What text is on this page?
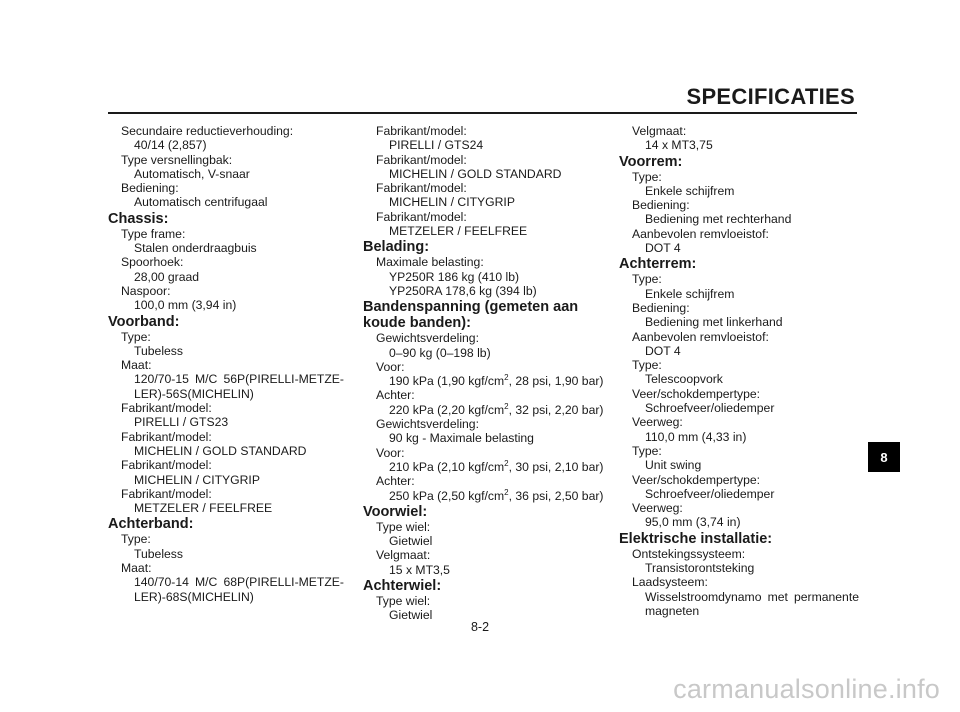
SPECIFICATIES
Secundaire reductieverhouding:
40/14 (2,857)
Type versnellingbak:
Automatisch, V-snaar
Bediening:
Automatisch centrifugaal
Chassis:
Type frame:
Stalen onderdraagbuis
Spoorhoek:
28,00 graad
Naspoor:
100,0 mm (3,94 in)
Voorband:
Type:
Tubeless
Maat:
120/70-15 M/C 56P(PIRELLI-METZE-LER)-56S(MICHELIN)
Fabrikant/model:
PIRELLI / GTS23
Fabrikant/model:
MICHELIN / GOLD STANDARD
Fabrikant/model:
MICHELIN / CITYGRIP
Fabrikant/model:
METZELER / FEELFREE
Achterband:
Type:
Tubeless
Maat:
140/70-14 M/C 68P(PIRELLI-METZE-LER)-68S(MICHELIN)
Fabrikant/model:
PIRELLI / GTS24
Fabrikant/model:
MICHELIN / GOLD STANDARD
Fabrikant/model:
MICHELIN / CITYGRIP
Fabrikant/model:
METZELER / FEELFREE
Belading:
Maximale belasting:
YP250R 186 kg (410 lb)
YP250RA 178,6 kg (394 lb)
Bandenspanning (gemeten aan koude banden):
Gewichtsverdeling:
0–90 kg (0–198 lb)
Voor:
190 kPa (1,90 kgf/$cm^2$, 28 psi, 1,90 bar)
Achter:
220 kPa (2,20 kgf/$cm^2$, 32 psi, 2,20 bar)
Gewichtsverdeling:
90 kg - Maximale belasting
Voor:
210 kPa (2,10 kgf/$cm^2$, 30 psi, 2,10 bar)
Achter:
250 kPa (2,50 kgf/$cm^2$, 36 psi, 2,50 bar)
Voorwiel:
Type wiel:
Gietwiel
Velgmaat:
15 x MT3,5
Achterwiel:
Type wiel:
Gietwiel
Velgmaat:
14 x MT3,75
Voorrem:
Type:
Enkele schijfrem
Bediening:
Bediening met rechterhand
Aanbevolen remvloeistof:
DOT 4
Achterrem:
Type:
Enkele schijfrem
Bediening:
Bediening met linkerhand
Aanbevolen remvloeistof:
DOT 4
Type:
Telescoopvork
Veer/schokdempertype:
Schroefveer/oliedemper
Veerweg:
110,0 mm (4,33 in)
Type:
Unit swing
Veer/schokdempertype:
Schroefveer/oliedemper
Veerweg:
95,0 mm (3,74 in)
Elektrische installatie:
Ontstekingssysteem:
Transistorontsteking
Laadsysteem:
Wisselstroomdynamo met permanente magneten
8
8-2
carmanualsonline.info
